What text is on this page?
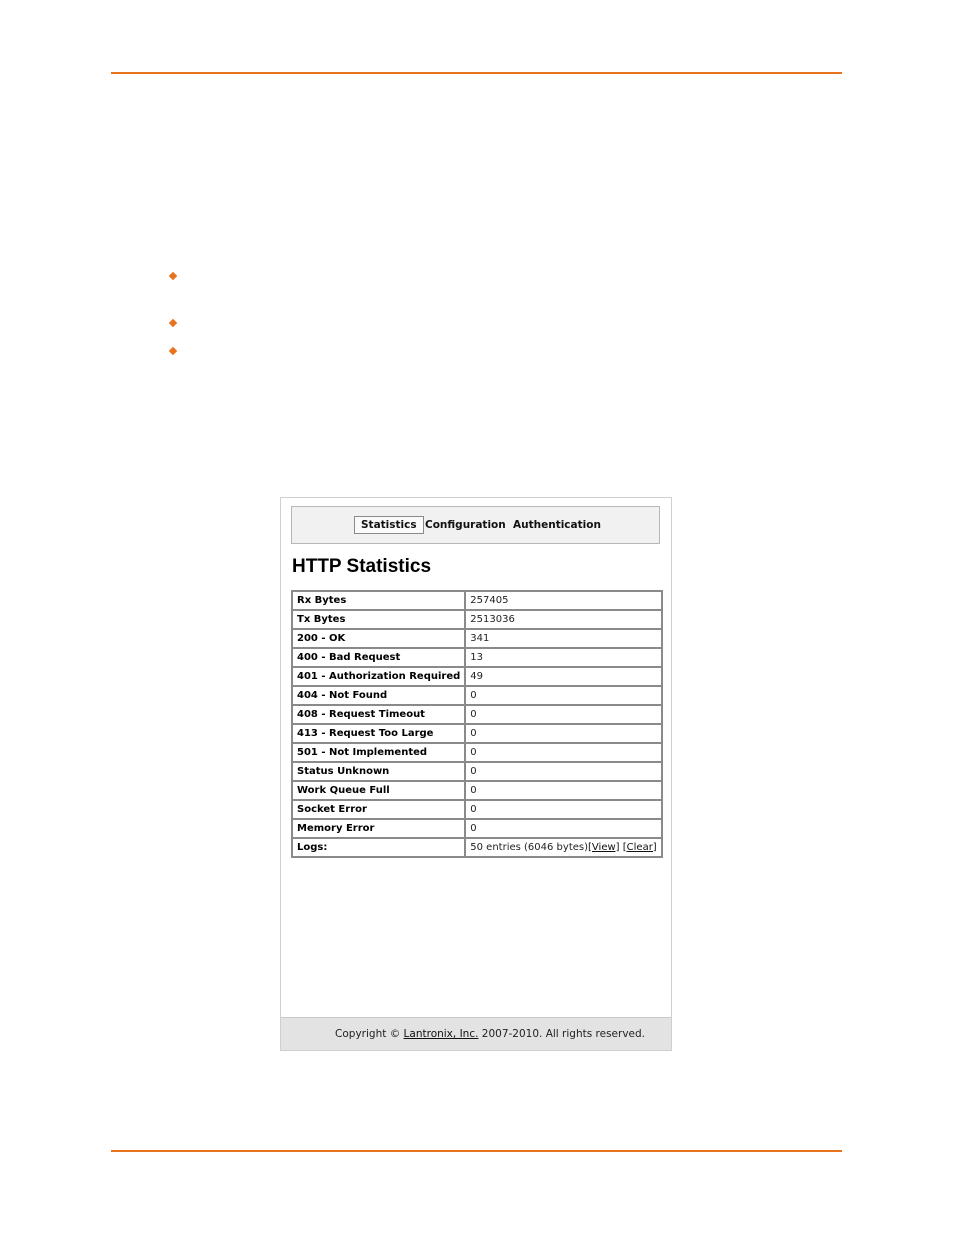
Statistics Configuration Authentication
HTTP Statistics
Rx Bytes	257405
Tx Bytes	2513036
200 - OK	341
400 - Bad Request	13
401 - Authorization Required	49
404 - Not Found	0
408 - Request Timeout	0
413 - Request Too Large	0
501 - Not Implemented	0
Status Unknown	0
Work Queue Full	0
Socket Error	0
Memory Error	0
Logs:	50 entries (6046 bytes)[View] [Clear]
Copyright © Lantronix, Inc. 2007-2010. All rights reserved.
